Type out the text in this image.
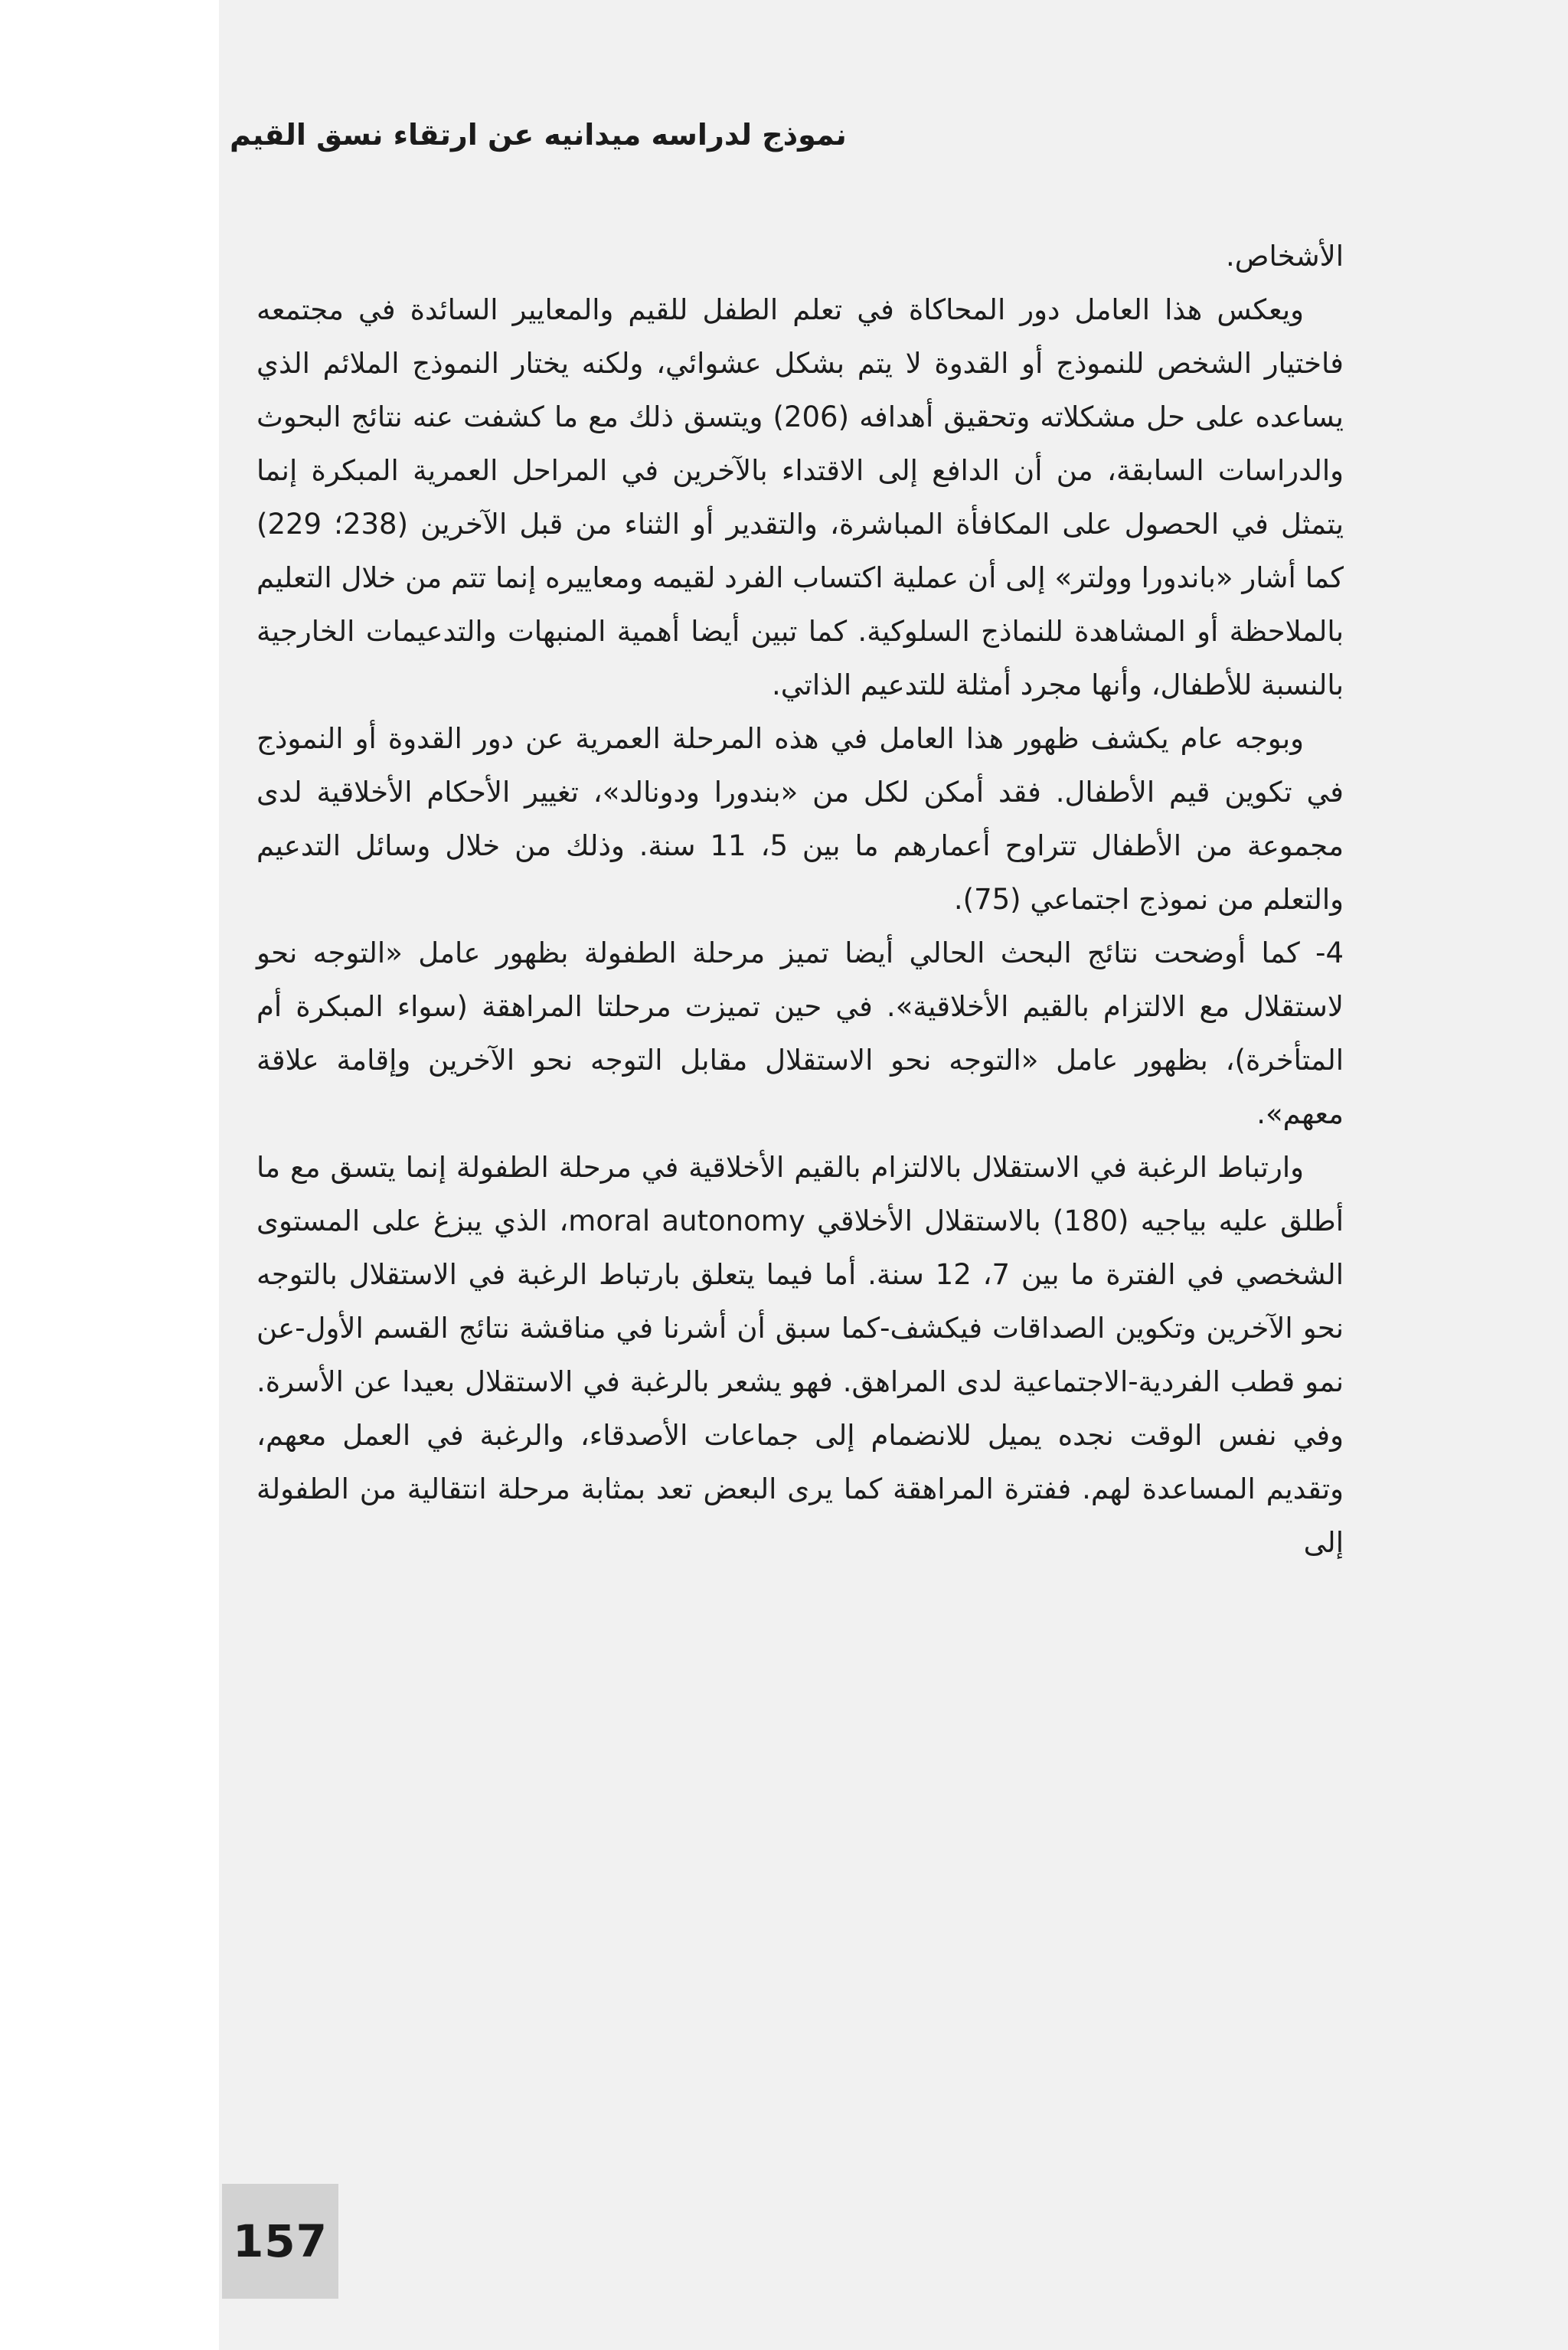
نموذج لدراسه ميدانيه عن ارتقاء نسق القيم

الأشخاص.

ويعكس هذا العامل دور المحاكاة في تعلم الطفل للقيم والمعايير السائدة في مجتمعه فاختيار الشخص للنموذج أو القدوة لا يتم بشكل عشوائي، ولكنه يختار النموذج الملائم الذي يساعده على حل مشكلاته وتحقيق أهدافه (206) ويتسق ذلك مع ما كشفت عنه نتائج البحوث والدراسات السابقة، من أن الدافع إلى الاقتداء بالآخرين في المراحل العمرية المبكرة إنما يتمثل في الحصول على المكافأة المباشرة، والتقدير أو الثناء من قبل الآخرين (238؛ 229) كما أشار «باندورا وولتر» إلى أن عملية اكتساب الفرد لقيمه ومعاييره إنما تتم من خلال التعليم بالملاحظة أو المشاهدة للنماذج السلوكية. كما تبين أيضا أهمية المنبهات والتدعيمات الخارجية بالنسبة للأطفال، وأنها مجرد أمثلة للتدعيم الذاتي.

وبوجه عام يكشف ظهور هذا العامل في هذه المرحلة العمرية عن دور القدوة أو النموذج في تكوين قيم الأطفال. فقد أمكن لكل من «بندورا ودونالد»، تغيير الأحكام الأخلاقية لدى مجموعة من الأطفال تتراوح أعمارهم ما بين 5، 11 سنة. وذلك من خلال وسائل التدعيم والتعلم من نموذج اجتماعي (75).

4- كما أوضحت نتائج البحث الحالي أيضا تميز مرحلة الطفولة بظهور عامل «التوجه نحو لاستقلال مع الالتزام بالقيم الأخلاقية». في حين تميزت مرحلتا المراهقة (سواء المبكرة أم المتأخرة)، بظهور عامل «التوجه نحو الاستقلال مقابل التوجه نحو الآخرين وإقامة علاقة معهم».

وارتباط الرغبة في الاستقلال بالالتزام بالقيم الأخلاقية في مرحلة الطفولة إنما يتسق مع ما أطلق عليه بياجيه (180) بالاستقلال الأخلاقي moral autonomy، الذي يبزغ على المستوى الشخصي في الفترة ما بين 7، 12 سنة. أما فيما يتعلق بارتباط الرغبة في الاستقلال بالتوجه نحو الآخرين وتكوين الصداقات فيكشف-كما سبق أن أشرنا في مناقشة نتائج القسم الأول-عن نمو قطب الفردية-الاجتماعية لدى المراهق. فهو يشعر بالرغبة في الاستقلال بعيدا عن الأسرة. وفي نفس الوقت نجده يميل للانضمام إلى جماعات الأصدقاء، والرغبة في العمل معهم، وتقديم المساعدة لهم. ففترة المراهقة كما يرى البعض تعد بمثابة مرحلة انتقالية من الطفولة إلى

157
